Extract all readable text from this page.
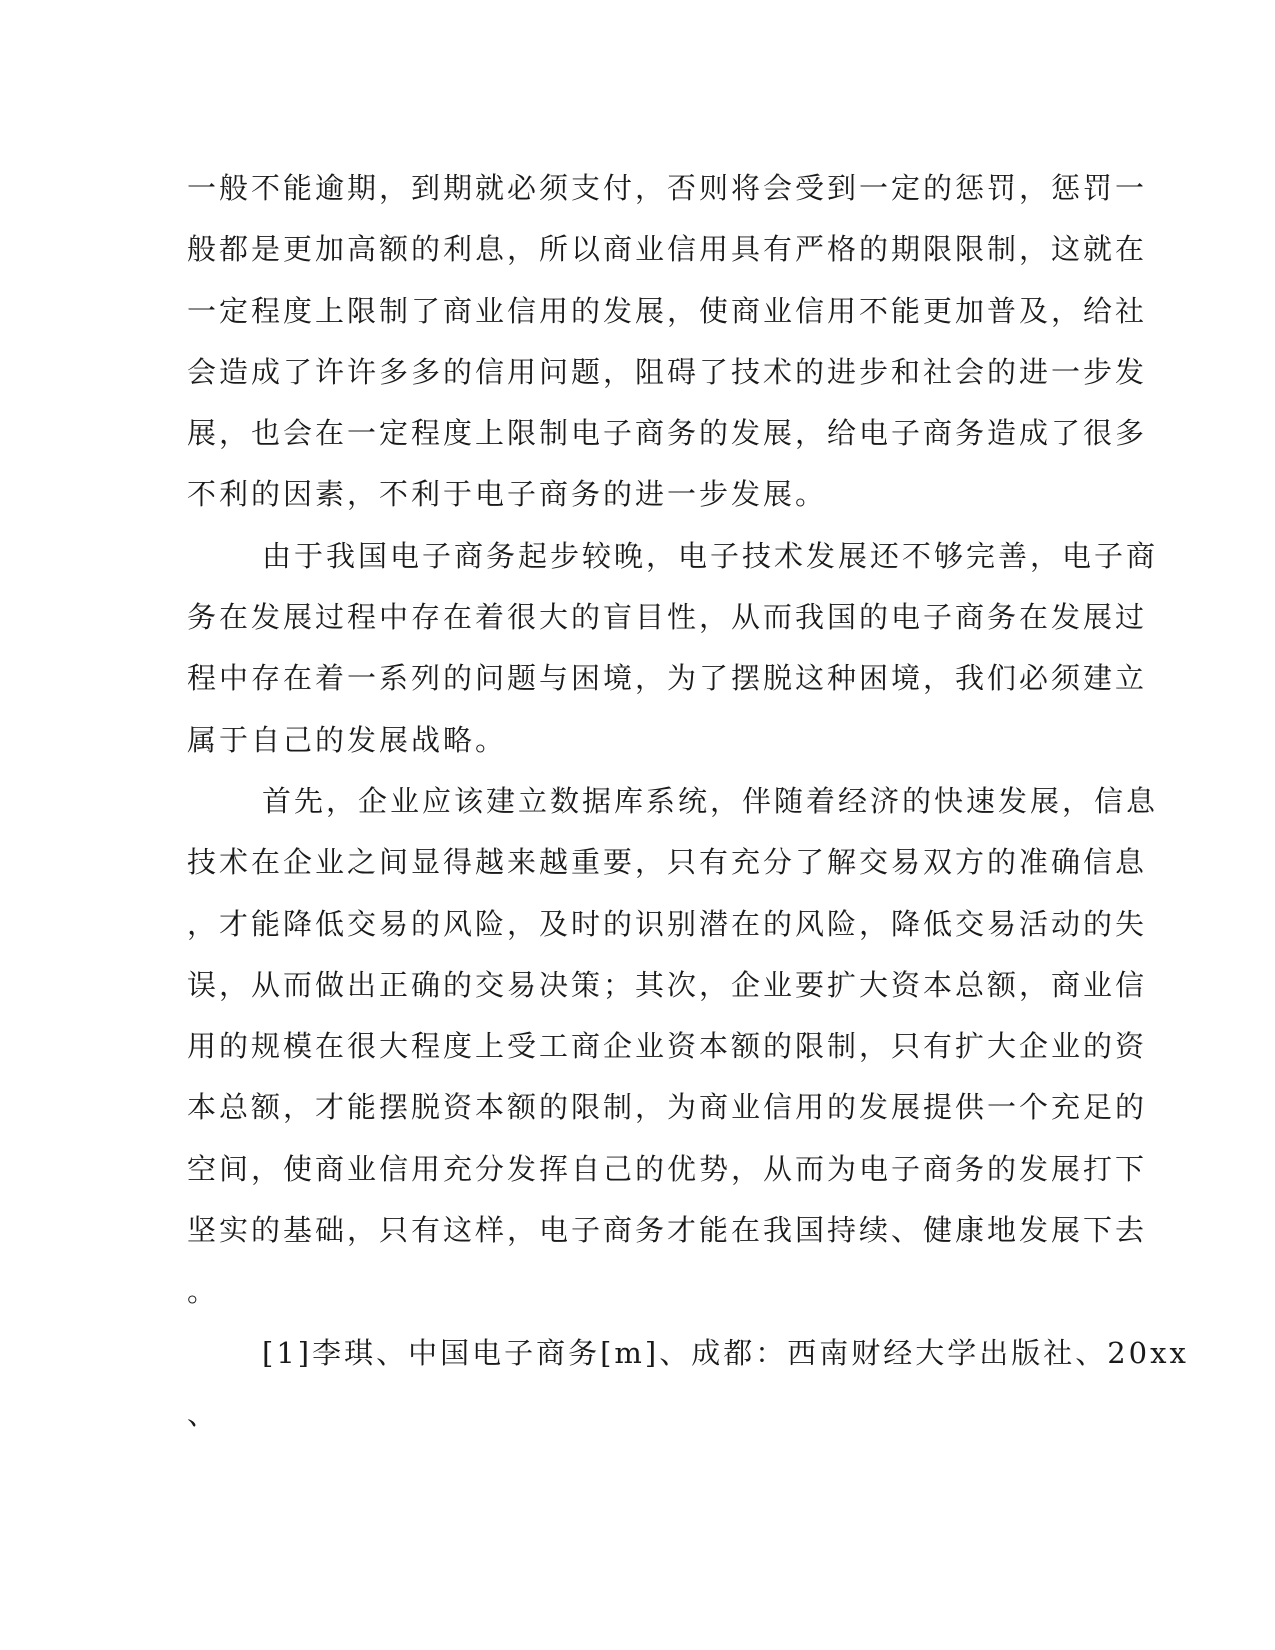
一般不能逾期，到期就必须支付，否则将会受到一定的惩罚，惩罚一
般都是更加高额的利息，所以商业信用具有严格的期限限制，这就在
一定程度上限制了商业信用的发展，使商业信用不能更加普及，给社
会造成了许许多多的信用问题，阻碍了技术的进步和社会的进一步发
展，也会在一定程度上限制电子商务的发展，给电子商务造成了很多
不利的因素，不利于电子商务的进一步发展。
由于我国电子商务起步较晚，电子技术发展还不够完善，电子商
务在发展过程中存在着很大的盲目性，从而我国的电子商务在发展过
程中存在着一系列的问题与困境，为了摆脱这种困境，我们必须建立
属于自己的发展战略。
首先，企业应该建立数据库系统，伴随着经济的快速发展，信息
技术在企业之间显得越来越重要，只有充分了解交易双方的准确信息
，才能降低交易的风险，及时的识别潜在的风险，降低交易活动的失
误，从而做出正确的交易决策；其次，企业要扩大资本总额，商业信
用的规模在很大程度上受工商企业资本额的限制，只有扩大企业的资
本总额，才能摆脱资本额的限制，为商业信用的发展提供一个充足的
空间，使商业信用充分发挥自己的优势，从而为电子商务的发展打下
坚实的基础，只有这样，电子商务才能在我国持续、健康地发展下去
。
[1]李琪、中国电子商务[m]、成都：西南财经大学出版社、20xx
、
